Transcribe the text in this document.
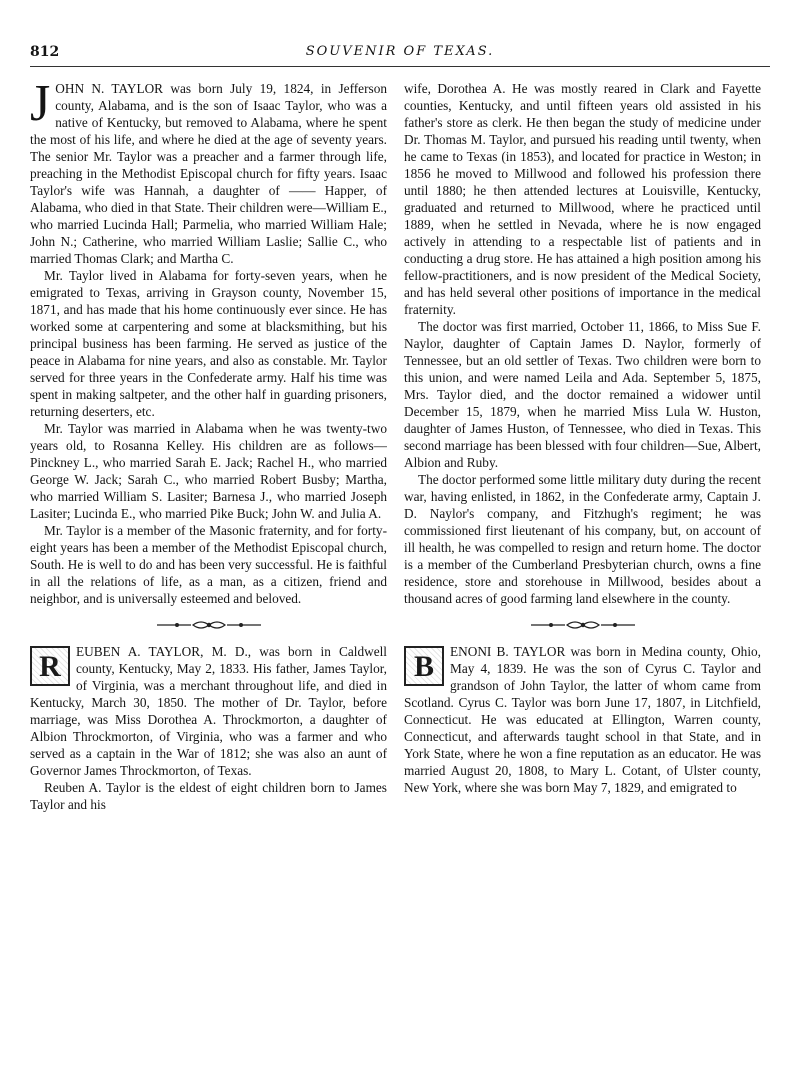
812	SOUVENIR OF TEXAS.

JOHN N. TAYLOR was born July 19, 1824, in Jefferson county, Alabama, and is the son of Isaac Taylor, who was a native of Kentucky, but removed to Alabama, where he spent the most of his life, and where he died at the age of seventy years. The senior Mr. Taylor was a preacher and a farmer through life, preaching in the Methodist Episcopal church for fifty years. Isaac Taylor's wife was Hannah, a daughter of —— Happer, of Alabama, who died in that State. Their children were—William E., who married Lucinda Hall; Parmelia, who married William Hale; John N.; Catherine, who married William Laslie; Sallie C., who married Thomas Clark; and Martha C.

Mr. Taylor lived in Alabama for forty-seven years, when he emigrated to Texas, arriving in Grayson county, November 15, 1871, and has made that his home continuously ever since. He has worked some at carpentering and some at blacksmithing, but his principal business has been farming. He served as justice of the peace in Alabama for nine years, and also as constable. Mr. Taylor served for three years in the Confederate army. Half his time was spent in making saltpeter, and the other half in guarding prisoners, returning deserters, etc.

Mr. Taylor was married in Alabama when he was twenty-two years old, to Rosanna Kelley. His children are as follows—Pinckney L., who married Sarah E. Jack; Rachel H., who married George W. Jack; Sarah C., who married Robert Busby; Martha, who married William S. Lasiter; Barnesa J., who married Joseph Lasiter; Lucinda E., who married Pike Buck; John W. and Julia A.

Mr. Taylor is a member of the Masonic fraternity, and for forty-eight years has been a member of the Methodist Episcopal church, South. He is well to do and has been very successful. He is faithful in all the relations of life, as a man, as a citizen, friend and neighbor, and is universally esteemed and beloved.

R	EUBEN A. TAYLOR, M. D., was born in Caldwell county, Kentucky, May 2, 1833. His father, James Taylor, of Virginia, was a merchant throughout life, and died in Kentucky, March 30, 1850. The mother of Dr. Taylor, before marriage, was Miss Dorothea A. Throckmorton, a daughter of Albion Throckmorton, of Virginia, who was a farmer and who served as a captain in the War of 1812; she was also an aunt of Governor James Throckmorton, of Texas.

Reuben A. Taylor is the eldest of eight children born to James Taylor and his

wife, Dorothea A. He was mostly reared in Clark and Fayette counties, Kentucky, and until fifteen years old assisted in his father's store as clerk. He then began the study of medicine under Dr. Thomas M. Taylor, and pursued his reading until twenty, when he came to Texas (in 1853), and located for practice in Weston; in 1856 he moved to Millwood and followed his profession there until 1880; he then attended lectures at Louisville, Kentucky, graduated and returned to Millwood, where he practiced until 1889, when he settled in Nevada, where he is now engaged actively in attending to a respectable list of patients and in conducting a drug store. He has attained a high position among his fellow-practitioners, and is now president of the Medical Society, and has held several other positions of importance in the medical fraternity.

The doctor was first married, October 11, 1866, to Miss Sue F. Naylor, daughter of Captain James D. Naylor, formerly of Tennessee, but an old settler of Texas. Two children were born to this union, and were named Leila and Ada. September 5, 1875, Mrs. Taylor died, and the doctor remained a widower until December 15, 1879, when he married Miss Lula W. Huston, daughter of James Huston, of Tennessee, who died in Texas. This second marriage has been blessed with four children—Sue, Albert, Albion and Ruby.

The doctor performed some little military duty during the recent war, having enlisted, in 1862, in the Confederate army, Captain J. D. Naylor's company, and Fitzhugh's regiment; he was commissioned first lieutenant of his company, but, on account of ill health, he was compelled to resign and return home. The doctor is a member of the Cumberland Presbyterian church, owns a fine residence, store and storehouse in Millwood, besides about a thousand acres of good farming land elsewhere in the county.

B	ENONI B. TAYLOR was born in Medina county, Ohio, May 4, 1839. He was the son of Cyrus C. Taylor and grandson of John Taylor, the latter of whom came from Scotland. Cyrus C. Taylor was born June 17, 1807, in Litchfield, Connecticut. He was educated at Ellington, Warren county, Connecticut, and afterwards taught school in that State, and in York State, where he won a fine reputation as an educator. He was married August 20, 1808, to Mary L. Cotant, of Ulster county, New York, where she was born May 7, 1829, and emigrated to
